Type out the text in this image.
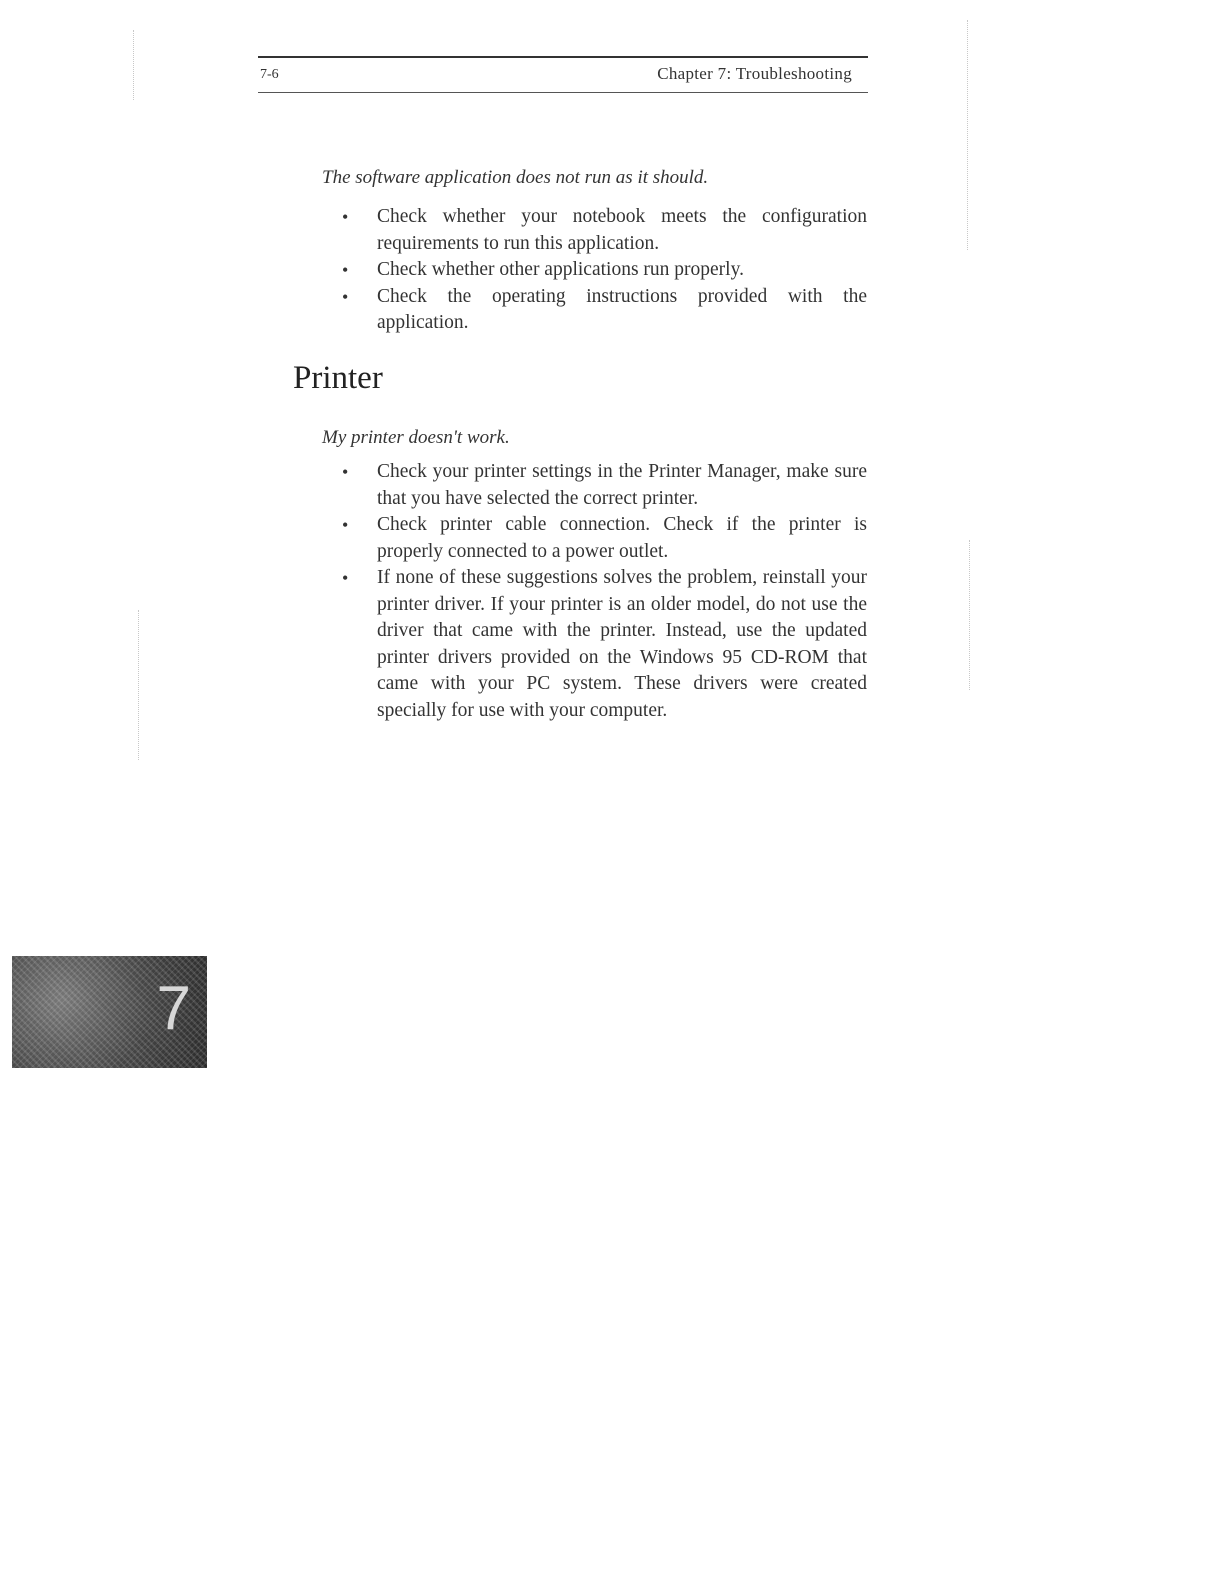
7-6	Chapter 7: Troubleshooting
The software application does not run as it should.
• Check whether your notebook meets the configuration requirements to run this application.
• Check whether other applications run properly.
• Check the operating instructions provided with the application.
Printer
My printer doesn't work.
• Check your printer settings in the Printer Manager, make sure that you have selected the correct printer.
• Check printer cable connection. Check if the printer is properly connected to a power outlet.
• If none of these suggestions solves the problem, reinstall your printer driver. If your printer is an older model, do not use the driver that came with the printer. Instead, use the updated printer drivers provided on the Windows 95 CD-ROM that came with your PC system. These drivers were created specially for use with your computer.
7
